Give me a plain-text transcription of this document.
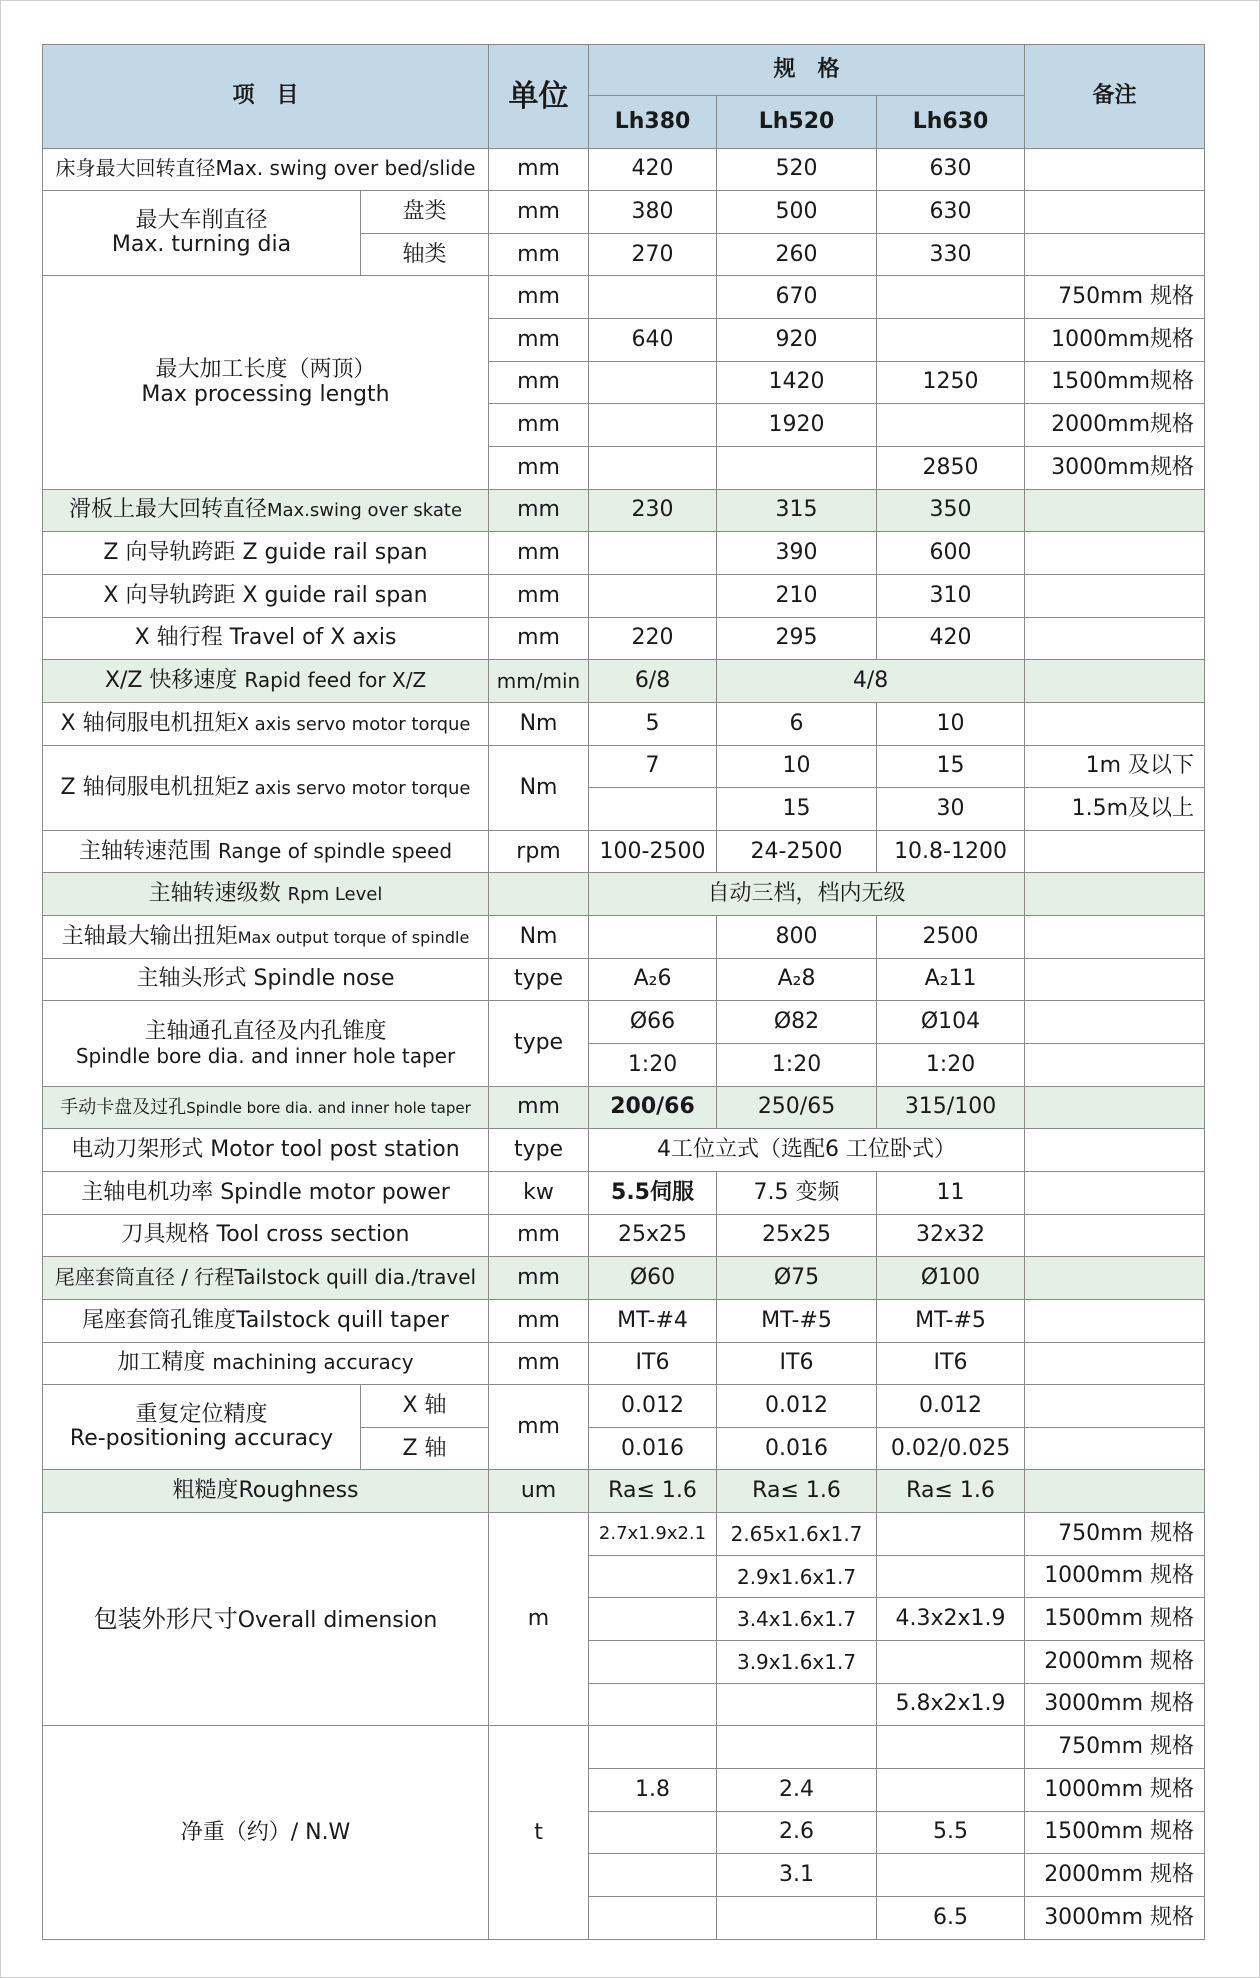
项　目		单位	规　格			备注
			Lh380	Lh520	Lh630	
床身最大回转直径Max. swing over bed/slide		mm	420	520	630	

最大车削直径
Max. turning dia	盘类	mm	380	500	630	
	轴类	mm	270	260	330	

最大加工长度（两顶）
Max processing length		mm		670		750mm 规格
		mm	640	920		1000mm规格
		mm		1420	1250	1500mm规格
		mm		1920		2000mm规格
		mm			2850	3000mm规格
滑板上最大回转直径Max.swing over skate		mm	230	315	350	
Z 向导轨跨距 Z guide rail span		mm		390	600	
X 向导轨跨距 X guide rail span		mm		210	310	
X 轴行程 Travel of X axis		mm	220	295	420	
X/Z 快移速度 Rapid feed for X/Z		mm/min	6/8	4/8		
X 轴伺服电机扭矩X axis servo motor torque		Nm	5	6	10	
Z 轴伺服电机扭矩Z axis servo motor torque		Nm	7	10	15	1m 及以下
				15	30	1.5m及以上
主轴转速范围 Range of spindle speed		rpm	100-2500	24-2500	10.8-1200	
主轴转速级数 Rpm Level			自动三档，档内无级			
主轴最大输出扭矩Max output torque of spindle		Nm		800	2500	
主轴头形式 Spindle nose		type	A₂6	A₂8	A₂11	

主轴通孔直径及内孔锥度
Spindle bore dia. and inner hole taper		type	Ø66	Ø82	Ø104	
			1:20	1:20	1:20	
手动卡盘及过孔Spindle bore dia. and inner hole taper		mm	200/66	250/65	315/100	
电动刀架形式 Motor tool post station		type	4工位立式（选配6 工位卧式）			
主轴电机功率 Spindle motor power		kw	5.5伺服	7.5 变频	11	
刀具规格 Tool cross section		mm	25x25	25x25	32x32	
尾座套筒直径 / 行程Tailstock quill dia./travel		mm	Ø60	Ø75	Ø100	
尾座套筒孔锥度Tailstock quill taper		mm	MT-#4	MT-#5	MT-#5	
加工精度 machining accuracy		mm	IT6	IT6	IT6	

重复定位精度
Re-positioning accuracy	X 轴	mm	0.012	0.012	0.012	
	Z 轴		0.016	0.016	0.02/0.025	
粗糙度Roughness		um	Ra≤ 1.6	Ra≤ 1.6	Ra≤ 1.6	
包装外形尺寸Overall dimension		m	2.7x1.9x2.1	2.65x1.6x1.7		750mm 规格
				2.9x1.6x1.7		1000mm 规格
				3.4x1.6x1.7	4.3x2x1.9	1500mm 规格
				3.9x1.6x1.7		2000mm 规格
					5.8x2x1.9	3000mm 规格
净重（约）/ N.W		t				750mm 规格
			1.8	2.4		1000mm 规格
				2.6	5.5	1500mm 规格
				3.1		2000mm 规格
					6.5	3000mm 规格
